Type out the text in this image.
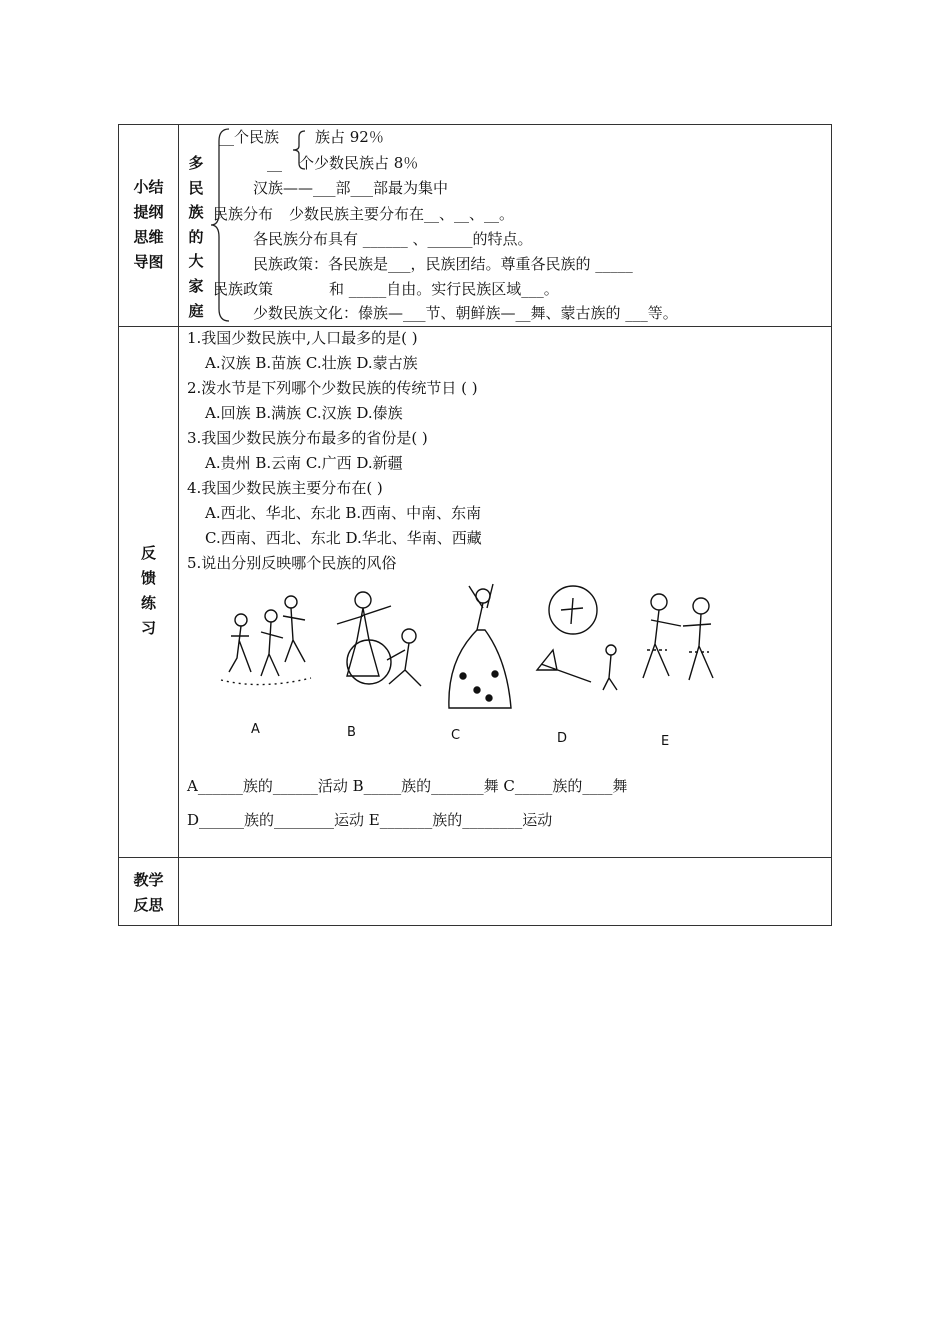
小结
提纲
思维
导图
多
民
族
的
大
家
庭
__个民族 族占 92％
__ 个少数民族占 8％
汉族——___部___部最为集中
民族分布 少数民族主要分布在__、__、__。
各民族分布具有 ______ 、______的特点。
民族政策：各民族是___，民族团结。尊重各民族的 _____
民族政策	和 _____自由。实行民族区域___。
少数民族文化：傣族—___节、朝鲜族—__舞、蒙古族的 ___等。
反
馈
练
习
1.我国少数民族中,人口最多的是( )
A.汉族 B.苗族 C.壮族 D.蒙古族
2.泼水节是下列哪个少数民族的传统节日 ( )
A.回族 B.满族 C.汉族 D.傣族
3.我国少数民族分布最多的省份是( )
A.贵州 B.云南 C.广西 D.新疆
4.我国少数民族主要分布在( )
A.西北、华北、东北 B.西南、中南、东南
C.西南、西北、东北 D.华北、华南、西藏
5.说出分别反映哪个民族的风俗
A	B	C	D	E
A______族的______活动 B_____族的_______舞 C_____族的____舞
D______族的________运动 E_______族的________运动
教学
反思
